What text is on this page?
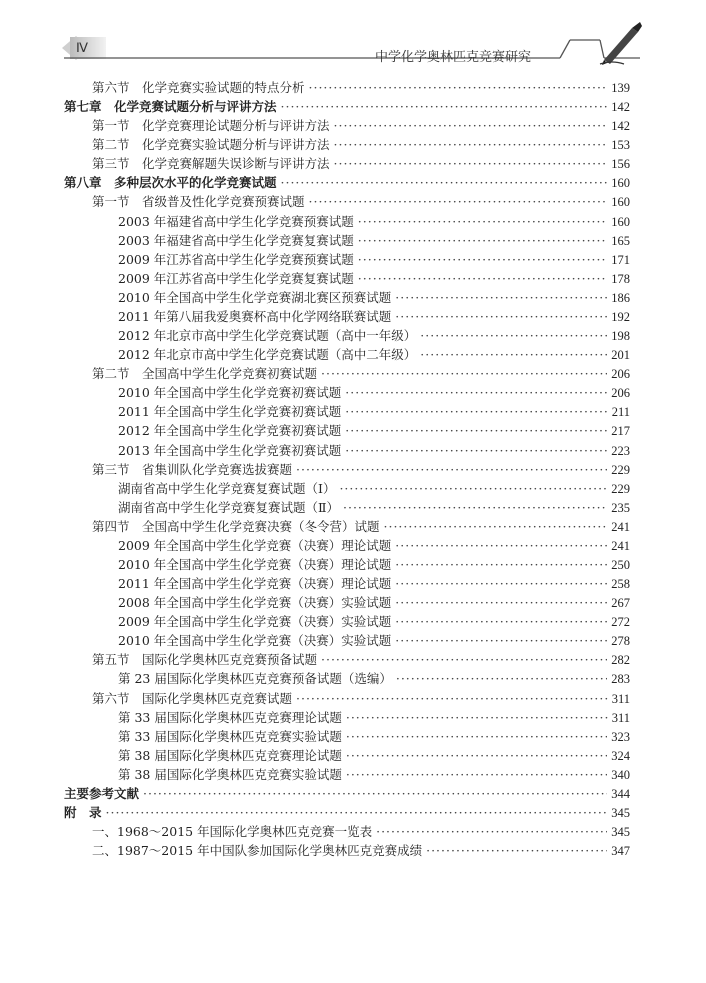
Ⅳ
中学化学奥林匹克竞赛研究
第六节　化学竞赛实验试题的特点分析 ·····	139
第七章　化学竞赛试题分析与评讲方法 ·····	142
第一节　化学竞赛理论试题分析与评讲方法 ·····	142
第二节　化学竞赛实验试题分析与评讲方法 ·····	153
第三节　化学竞赛解题失误诊断与评讲方法 ·····	156
第八章　多种层次水平的化学竞赛试题 ·····	160
第一节　省级普及性化学竞赛预赛试题 ·····	160
2003 年福建省高中学生化学竞赛预赛试题 ·····	160
2003 年福建省高中学生化学竞赛复赛试题 ·····	165
2009 年江苏省高中学生化学竞赛预赛试题 ·····	171
2009 年江苏省高中学生化学竞赛复赛试题 ·····	178
2010 年全国高中学生化学竞赛湖北赛区预赛试题 ·····	186
2011 年第八届我爱奥赛杯高中化学网络联赛试题 ·····	192
2012 年北京市高中学生化学竞赛试题（高中一年级） ·····	198
2012 年北京市高中学生化学竞赛试题（高中二年级） ·····	201
第二节　全国高中学生化学竞赛初赛试题 ·····	206
2010 年全国高中学生化学竞赛初赛试题 ·····	206
2011 年全国高中学生化学竞赛初赛试题 ·····	211
2012 年全国高中学生化学竞赛初赛试题 ·····	217
2013 年全国高中学生化学竞赛初赛试题 ·····	223
第三节　省集训队化学竞赛选拔赛题 ·····	229
湖南省高中学生化学竞赛复赛试题（Ⅰ） ·····	229
湖南省高中学生化学竞赛复赛试题（Ⅱ） ·····	235
第四节　全国高中学生化学竞赛决赛（冬令营）试题 ·····	241
2009 年全国高中学生化学竞赛（决赛）理论试题 ·····	241
2010 年全国高中学生化学竞赛（决赛）理论试题 ·····	250
2011 年全国高中学生化学竞赛（决赛）理论试题 ·····	258
2008 年全国高中学生化学竞赛（决赛）实验试题 ·····	267
2009 年全国高中学生化学竞赛（决赛）实验试题 ·····	272
2010 年全国高中学生化学竞赛（决赛）实验试题 ·····	278
第五节　国际化学奥林匹克竞赛预备试题 ·····	282
第 23 届国际化学奥林匹克竞赛预备试题（选编） ·····	283
第六节　国际化学奥林匹克竞赛试题 ·····	311
第 33 届国际化学奥林匹克竞赛理论试题 ·····	311
第 33 届国际化学奥林匹克竞赛实验试题 ·····	323
第 38 届国际化学奥林匹克竞赛理论试题 ·····	324
第 38 届国际化学奥林匹克竞赛实验试题 ·····	340
主要参考文献 ·····	344
附　录 ·····	345
一、1968～2015 年国际化学奥林匹克竞赛一览表 ·····	345
二、1987～2015 年中国队参加国际化学奥林匹克竞赛成绩 ·····	347
